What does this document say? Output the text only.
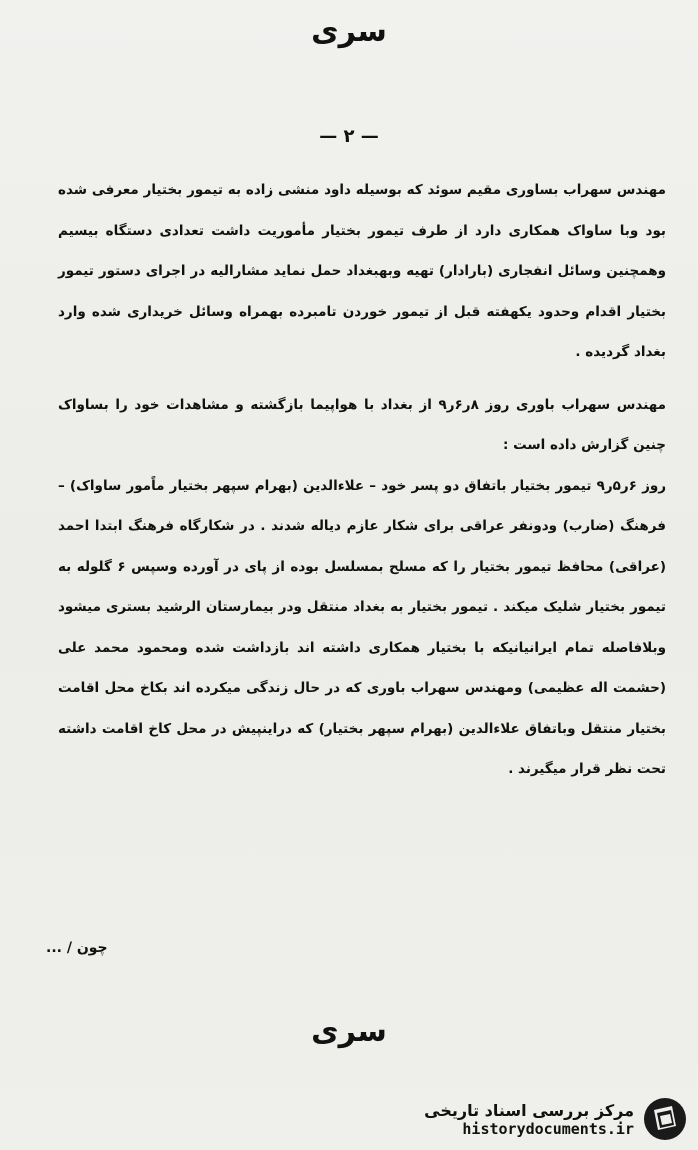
سری
— ۲ —

مهندس سهراب بساوری مقیم سوئد که بوسیله داود منشی زاده به تیمور بختیار معرفی شده بود وبا ساواک همکاری دارد از طرف تیمور بختیار مأموریت داشت تعدادی دستگاه بیسیم وهمچنین وسائل انفجاری (بارادار) تهیه وبهبغداد حمل نماید مشارالیه در اجرای دستور تیمور بختیار اقدام وحدود یکهفته قبل از تیمور خوردن تامبرده بهمراه وسائل خریداری شده وارد بغداد گردیده .

مهندس سهراب باوری روز ۸ر۶ر۹ از بغداد با هواپیما بازگشته و مشاهدات خود را بساواک چنین گزارش داده است :

روز ۶ر۵ر۹ تیمور بختیار باتفاق دو پسر خود – علاءالدین (بهرام سپهر بختیار ماًمور ساواک) – فرهنگ (ضارب) ودونفر عراقی برای شکار عازم دیاله شدند . در شکارگاه فرهنگ ابتدا احمد (عراقی) محافظ تیمور بختیار را که مسلح بمسلسل بوده از پای در آورده وسپس ۶ گلوله به تیمور بختیار شلیک میکند . تیمور بختیار به بغداد منتقل ودر بیمارستان الرشید بستری میشود وبلافاصله تمام ایرانیانیکه با بختیار همکاری داشته اند بازداشت شده ومحمود محمد علی (حشمت اله عظیمی) ومهندس سهراب باوری که در حال زندگی میکرده اند بکاخ محل اقامت بختیار منتقل وباتفاق علاءالدین (بهرام سپهر بختیار) که دراینپیش در محل کاخ اقامت داشته تحت نظر قرار میگیرند .

چون / ...
سری
مرکز بررسی اسناد تاریخی
historydocuments.ir
